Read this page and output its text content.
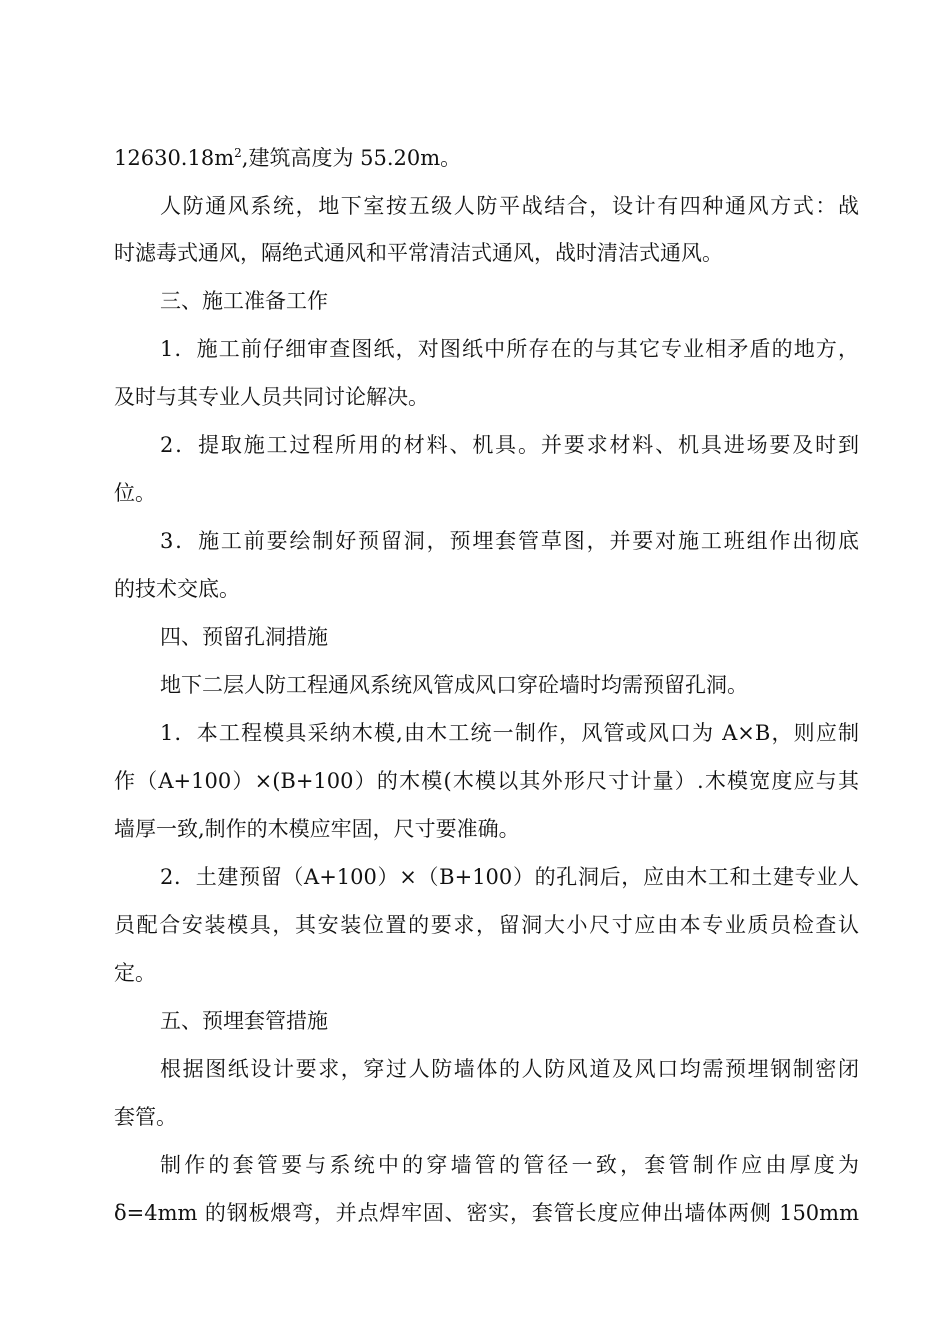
$12630.18m^2$,建筑高度为 55.20m。
人防通风系统，地下室按五级人防平战结合，设计有四种通风方式：战
时滤毒式通风，隔绝式通风和平常清洁式通风，战时清洁式通风。
三、施工准备工作
1．施工前仔细审查图纸，对图纸中所存在的与其它专业相矛盾的地方，
及时与其专业人员共同讨论解决。
2．提取施工过程所用的材料、机具。并要求材料、机具进场要及时到
位。
3．施工前要绘制好预留洞，预埋套管草图，并要对施工班组作出彻底
的技术交底。
四、预留孔洞措施
地下二层人防工程通风系统风管成风口穿砼墙时均需预留孔洞。
1．本工程模具采纳木模,由木工统一制作，风管或风口为 A×B，则应制
作（A+100）×(B+100）的木模(木模以其外形尺寸计量）.木模宽度应与其
墙厚一致,制作的木模应牢固，尺寸要准确。
2．土建预留（A+100）×（B+100）的孔洞后，应由木工和土建专业人
员配合安装模具，其安装位置的要求，留洞大小尺寸应由本专业质员检查认
定。
五、预埋套管措施
根据图纸设计要求，穿过人防墙体的人防风道及风口均需预埋钢制密闭
套管。
制作的套管要与系统中的穿墙管的管径一致，套管制作应由厚度为
δ=4mm 的钢板煨弯，并点焊牢固、密实，套管长度应伸出墙体两侧 150mm
